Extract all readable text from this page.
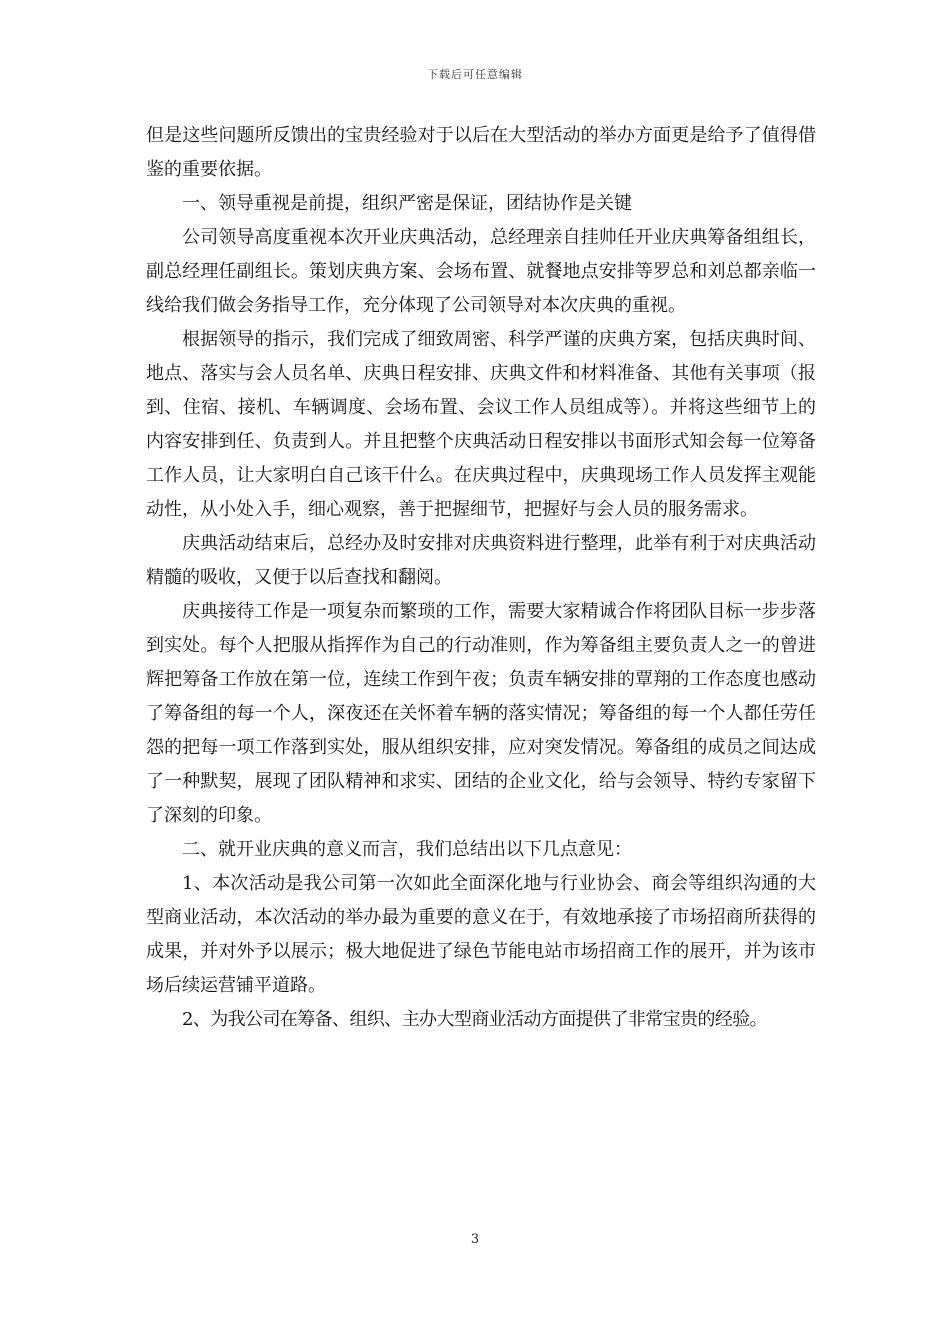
下载后可任意编辑

但是这些问题所反馈出的宝贵经验对于以后在大型活动的举办方面更是给予了值得借鉴的重要依据。

一、领导重视是前提，组织严密是保证，团结协作是关键

公司领导高度重视本次开业庆典活动，总经理亲自挂帅任开业庆典筹备组组长，副总经理任副组长。策划庆典方案、会场布置、就餐地点安排等罗总和刘总都亲临一线给我们做会务指导工作，充分体现了公司领导对本次庆典的重视。

根据领导的指示，我们完成了细致周密、科学严谨的庆典方案，包括庆典时间、地点、落实与会人员名单、庆典日程安排、庆典文件和材料准备、其他有关事项（报到、住宿、接机、车辆调度、会场布置、会议工作人员组成等）。并将这些细节上的内容安排到任、负责到人。并且把整个庆典活动日程安排以书面形式知会每一位筹备工作人员，让大家明白自己该干什么。在庆典过程中，庆典现场工作人员发挥主观能动性，从小处入手，细心观察，善于把握细节，把握好与会人员的服务需求。

庆典活动结束后，总经办及时安排对庆典资料进行整理，此举有利于对庆典活动精髓的吸收，又便于以后查找和翻阅。

庆典接待工作是一项复杂而繁琐的工作，需要大家精诚合作将团队目标一步步落到实处。每个人把服从指挥作为自己的行动准则，作为筹备组主要负责人之一的曾进辉把筹备工作放在第一位，连续工作到午夜；负责车辆安排的覃翔的工作态度也感动了筹备组的每一个人，深夜还在关怀着车辆的落实情况；筹备组的每一个人都任劳任怨的把每一项工作落到实处，服从组织安排，应对突发情况。筹备组的成员之间达成了一种默契，展现了团队精神和求实、团结的企业文化，给与会领导、特约专家留下了深刻的印象。

二、就开业庆典的意义而言，我们总结出以下几点意见：

1、本次活动是我公司第一次如此全面深化地与行业协会、商会等组织沟通的大型商业活动，本次活动的举办最为重要的意义在于，有效地承接了市场招商所获得的成果，并对外予以展示；极大地促进了绿色节能电站市场招商工作的展开，并为该市场后续运营铺平道路。

2、为我公司在筹备、组织、主办大型商业活动方面提供了非常宝贵的经验。

3
